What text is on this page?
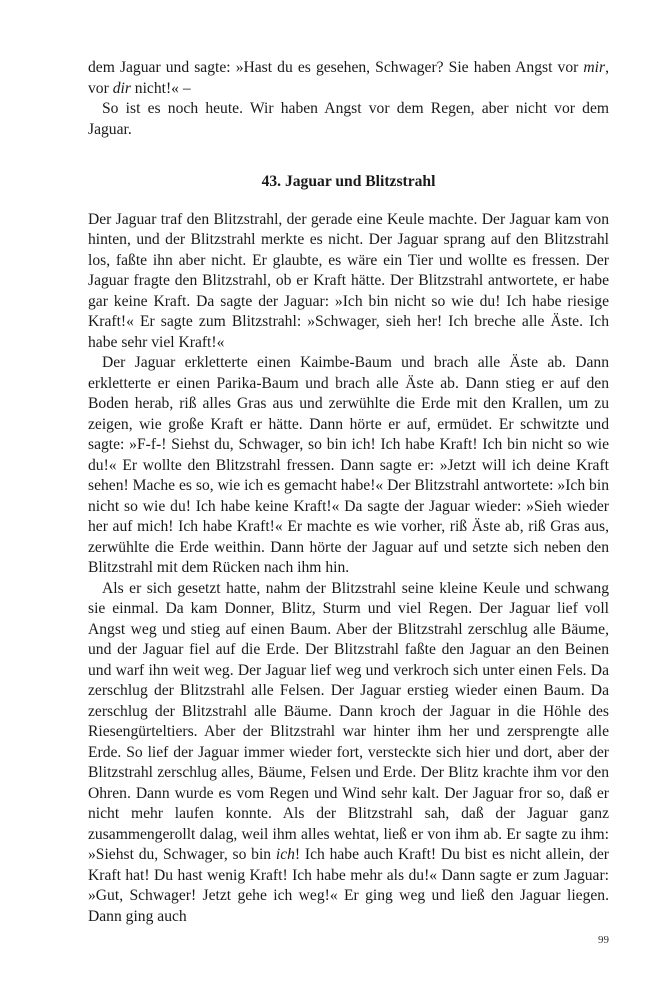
dem Jaguar und sagte: »Hast du es gesehen, Schwager? Sie haben Angst vor mir, vor dir nicht!« –

So ist es noch heute. Wir haben Angst vor dem Regen, aber nicht vor dem Jaguar.

43. Jaguar und Blitzstrahl

Der Jaguar traf den Blitzstrahl, der gerade eine Keule machte. Der Jaguar kam von hinten, und der Blitzstrahl merkte es nicht. Der Jaguar sprang auf den Blitzstrahl los, faßte ihn aber nicht. Er glaubte, es wäre ein Tier und wollte es fressen. Der Jaguar fragte den Blitzstrahl, ob er Kraft hätte. Der Blitzstrahl antwortete, er habe gar keine Kraft. Da sagte der Jaguar: »Ich bin nicht so wie du! Ich habe riesige Kraft!« Er sagte zum Blitzstrahl: »Schwager, sieh her! Ich breche alle Äste. Ich habe sehr viel Kraft!«

Der Jaguar erkletterte einen Kaimbe-Baum und brach alle Äste ab. Dann erkletterte er einen Parika-Baum und brach alle Äste ab. Dann stieg er auf den Boden herab, riß alles Gras aus und zerwühlte die Erde mit den Krallen, um zu zeigen, wie große Kraft er hätte. Dann hörte er auf, ermüdet. Er schwitzte und sagte: »F-f-! Siehst du, Schwager, so bin ich! Ich habe Kraft! Ich bin nicht so wie du!« Er wollte den Blitzstrahl fressen. Dann sagte er: »Jetzt will ich deine Kraft sehen! Mache es so, wie ich es gemacht habe!« Der Blitzstrahl antwortete: »Ich bin nicht so wie du! Ich habe keine Kraft!« Da sagte der Jaguar wieder: »Sieh wieder her auf mich! Ich habe Kraft!« Er machte es wie vorher, riß Äste ab, riß Gras aus, zerwühlte die Erde weithin. Dann hörte der Jaguar auf und setzte sich neben den Blitzstrahl mit dem Rücken nach ihm hin.

Als er sich gesetzt hatte, nahm der Blitzstrahl seine kleine Keule und schwang sie einmal. Da kam Donner, Blitz, Sturm und viel Regen. Der Jaguar lief voll Angst weg und stieg auf einen Baum. Aber der Blitzstrahl zerschlug alle Bäume, und der Jaguar fiel auf die Erde. Der Blitzstrahl faßte den Jaguar an den Beinen und warf ihn weit weg. Der Jaguar lief weg und verkroch sich unter einen Fels. Da zerschlug der Blitzstrahl alle Felsen. Der Jaguar erstieg wieder einen Baum. Da zerschlug der Blitzstrahl alle Bäume. Dann kroch der Jaguar in die Höhle des Riesengürteltiers. Aber der Blitzstrahl war hinter ihm her und zersprengte alle Erde. So lief der Jaguar immer wieder fort, versteckte sich hier und dort, aber der Blitzstrahl zerschlug alles, Bäume, Felsen und Erde. Der Blitz krachte ihm vor den Ohren. Dann wurde es vom Regen und Wind sehr kalt. Der Jaguar fror so, daß er nicht mehr laufen konnte. Als der Blitzstrahl sah, daß der Jaguar ganz zusammengerollt dalag, weil ihm alles wehtat, ließ er von ihm ab. Er sagte zu ihm: »Siehst du, Schwager, so bin ich! Ich habe auch Kraft! Du bist es nicht allein, der Kraft hat! Du hast wenig Kraft! Ich habe mehr als du!« Dann sagte er zum Jaguar: »Gut, Schwager! Jetzt gehe ich weg!« Er ging weg und ließ den Jaguar liegen. Dann ging auch

99
